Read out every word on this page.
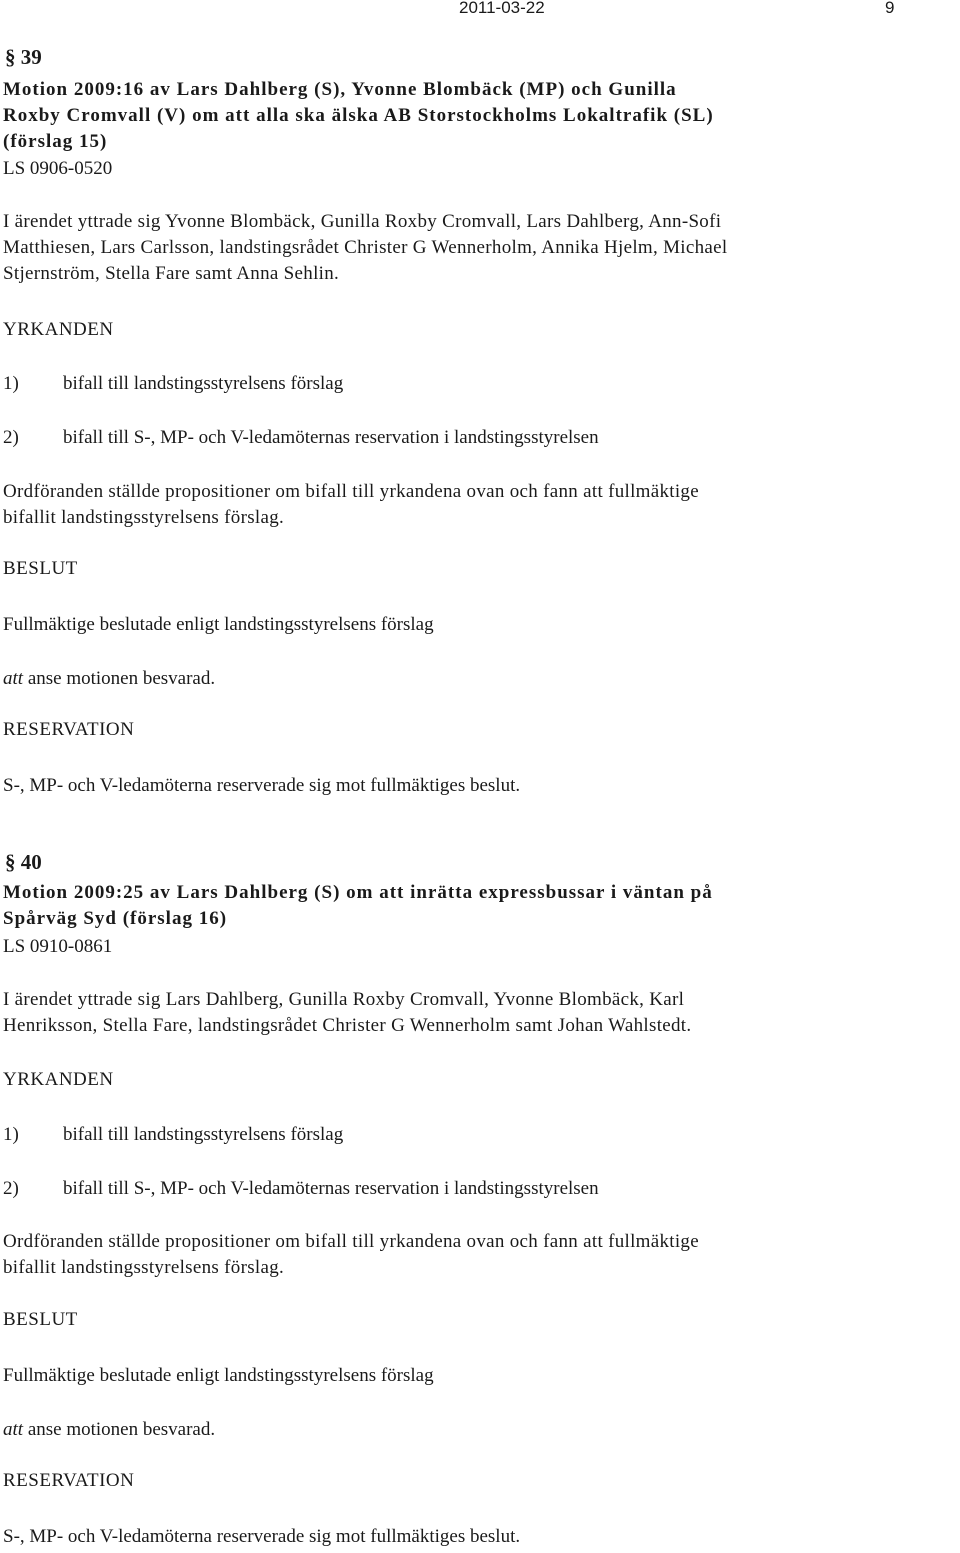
2011-03-22	9
§ 39
Motion 2009:16 av Lars Dahlberg (S), Yvonne Blombäck (MP) och Gunilla
Roxby Cromvall (V) om att alla ska älska AB Storstockholms Lokaltrafik (SL)
(förslag 15)
LS 0906-0520
I ärendet yttrade sig Yvonne Blombäck, Gunilla Roxby Cromvall, Lars Dahlberg, Ann-Sofi
Matthiesen, Lars Carlsson, landstingsrådet Christer G Wennerholm, Annika Hjelm, Michael
Stjernström, Stella Fare samt Anna Sehlin.
YRKANDEN
1) bifall till landstingsstyrelsens förslag
2) bifall till S-, MP- och V-ledamöternas reservation i landstingsstyrelsen
Ordföranden ställde propositioner om bifall till yrkandena ovan och fann att fullmäktige
bifallit landstingsstyrelsens förslag.
BESLUT
Fullmäktige beslutade enligt landstingsstyrelsens förslag
att anse motionen besvarad.
RESERVATION
S-, MP- och V-ledamöterna reserverade sig mot fullmäktiges beslut.
§ 40
Motion 2009:25 av Lars Dahlberg (S) om att inrätta expressbussar i väntan på
Spårväg Syd (förslag 16)
LS 0910-0861
I ärendet yttrade sig Lars Dahlberg, Gunilla Roxby Cromvall, Yvonne Blombäck, Karl
Henriksson, Stella Fare, landstingsrådet Christer G Wennerholm samt Johan Wahlstedt.
YRKANDEN
1) bifall till landstingsstyrelsens förslag
2) bifall till S-, MP- och V-ledamöternas reservation i landstingsstyrelsen
Ordföranden ställde propositioner om bifall till yrkandena ovan och fann att fullmäktige
bifallit landstingsstyrelsens förslag.
BESLUT
Fullmäktige beslutade enligt landstingsstyrelsens förslag
att anse motionen besvarad.
RESERVATION
S-, MP- och V-ledamöterna reserverade sig mot fullmäktiges beslut.
